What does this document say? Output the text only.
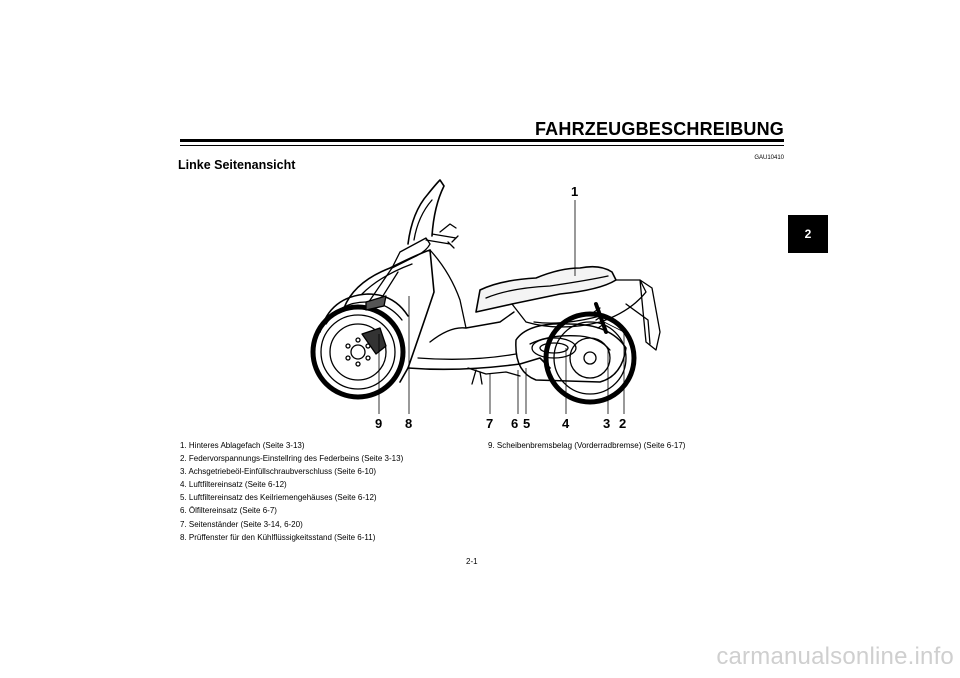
FAHRZEUGBESCHREIBUNG
Linke Seitenansicht	GAU10410
2
1
9 8	7 6 5 4	3 2
1. Hinteres Ablagefach (Seite 3-13)
2. Federvorspannungs-Einstellring des Federbeins (Seite 3-13)
3. Achsgetriebeöl-Einfüllschraubverschluss (Seite 6-10)
4. Luftfiltereinsatz (Seite 6-12)
5. Luftfiltereinsatz des Keilriemengehäuses (Seite 6-12)
6. Ölfiltereinsatz (Seite 6-7)
7. Seitenständer (Seite 3-14, 6-20)
8. Prüffenster für den Kühlflüssigkeitsstand (Seite 6-11)
9. Scheibenbremsbelag (Vorderradbremse) (Seite 6-17)
2-1
carmanualsonline.info
